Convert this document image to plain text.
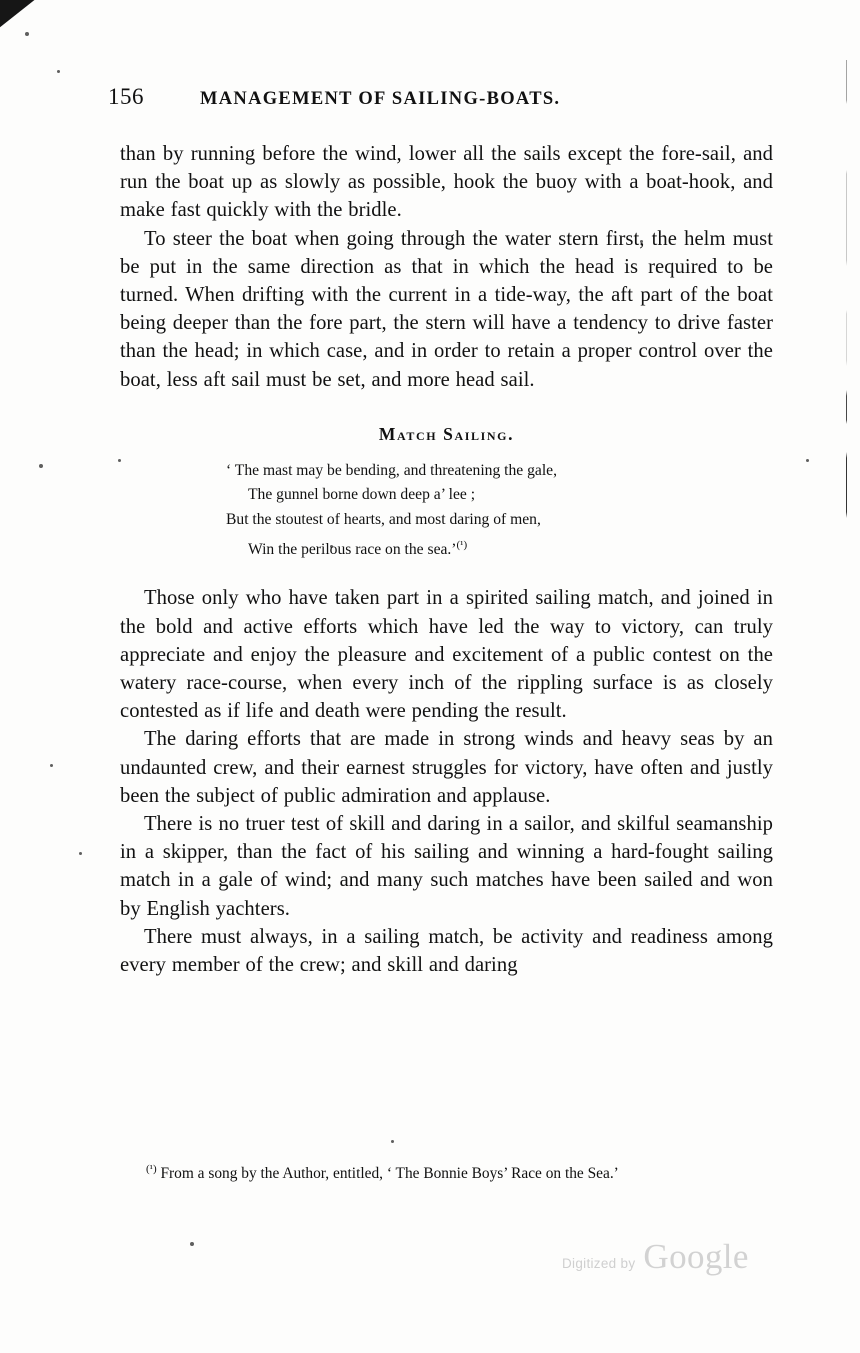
156	MANAGEMENT OF SAILING-BOATS.

than by running before the wind, lower all the sails except the fore-sail, and run the boat up as slowly as possible, hook the buoy with a boat-hook, and make fast quickly with the bridle.

To steer the boat when going through the water stern first, the helm must be put in the same direction as that in which the head is required to be turned. When drifting with the current in a tide-way, the aft part of the boat being deeper than the fore part, the stern will have a tendency to drive faster than the head; in which case, and in order to retain a proper control over the boat, less aft sail must be set, and more head sail.

Match Sailing.
‘ The mast may be bending, and threatening the gale,
The gunnel borne down deep a’ lee ;
But the stoutest of hearts, and most daring of men,
Win the perilous race on the sea.’$^{(^1)}$

Those only who have taken part in a spirited sailing match, and joined in the bold and active efforts which have led the way to victory, can truly appreciate and enjoy the pleasure and excitement of a public contest on the watery race-course, when every inch of the rippling surface is as closely contested as if life and death were pending the result.

The daring efforts that are made in strong winds and heavy seas by an undaunted crew, and their earnest struggles for victory, have often and justly been the subject of public admiration and applause.

There is no truer test of skill and daring in a sailor, and skilful seamanship in a skipper, than the fact of his sailing and winning a hard-fought sailing match in a gale of wind; and many such matches have been sailed and won by English yachters.

There must always, in a sailing match, be activity and readiness among every member of the crew; and skill and daring

$^{(^1)}$ From a song by the Author, entitled, ‘ The Bonnie Boys’ Race on the Sea.’
Digitized by Google
